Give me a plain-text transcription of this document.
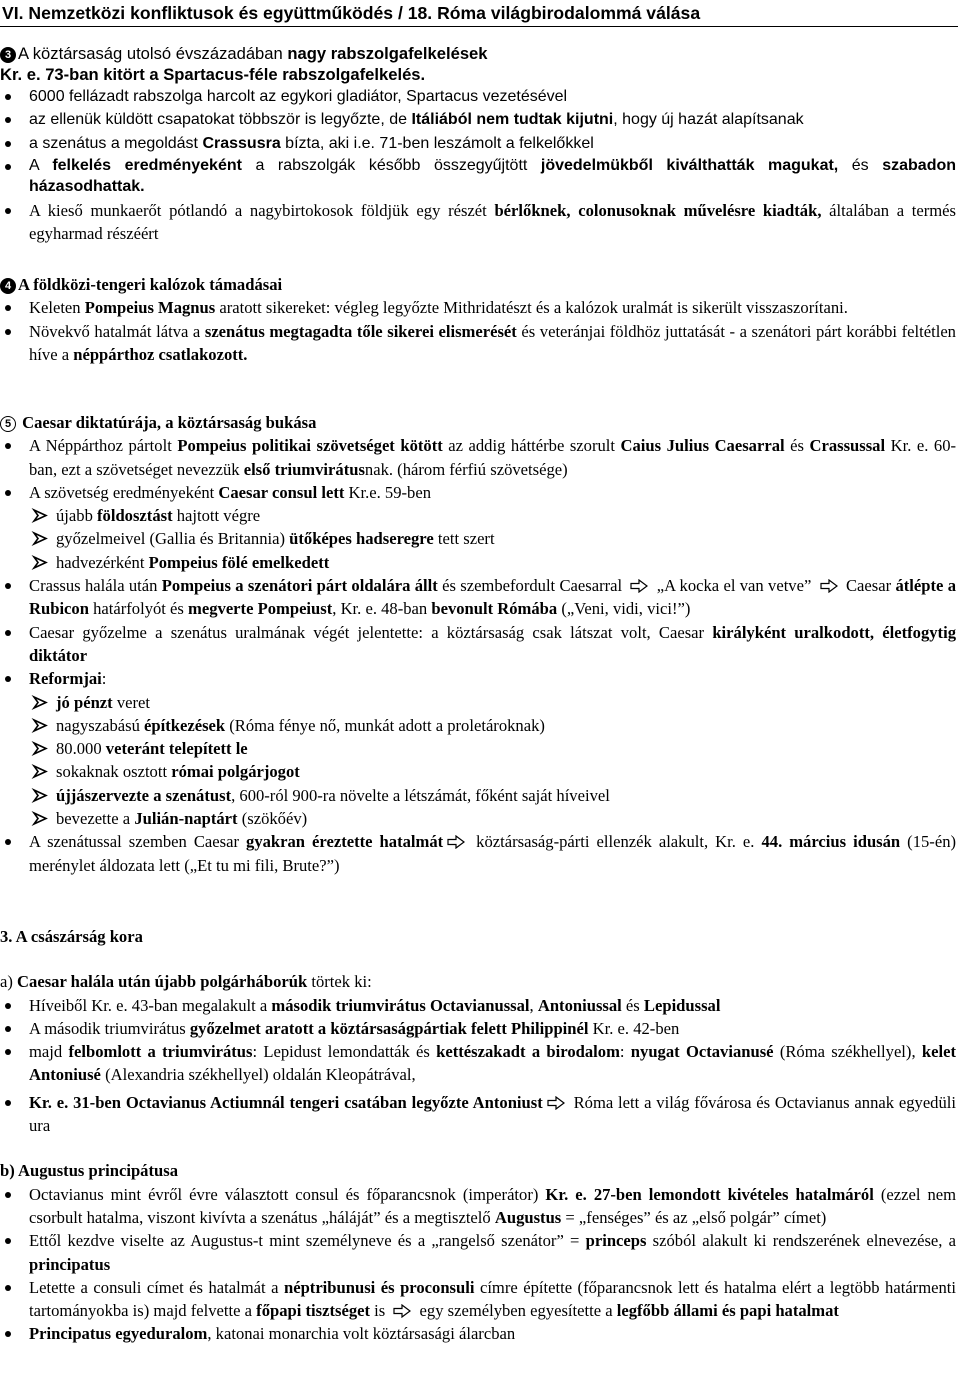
VI. Nemzetközi konfliktusok és együttműködés / 18. Róma világbirodalommá válása

3 A köztársaság utolsó évszázadában nagy rabszolgafelkelések

Kr. e. 73-ban kitört a Spartacus-féle rabszolgafelkelés.

6000 fellázadt rabszolga harcolt az egykori gladiátor, Spartacus vezetésével

az ellenük küldött csapatokat többször is legyőzte, de Itáliából nem tudtak kijutni, hogy új hazát alapítsanak

a szenátus a megoldást Crassusra bízta, aki i.e. 71-ben leszámolt a felkelőkkel

A felkelés eredményeként a rabszolgák később összegyűjtött jövedelmükből kiválthatták magukat, és szabadon házasodhattak.

A kieső munkaerőt pótlandó a nagybirtokosok földjük egy részét bérlőknek, colonusoknak művelésre kiadták, általában a termés egyharmad részéért

4 A földközi-tengeri kalózok támadásai

Keleten Pompeius Magnus aratott sikereket: végleg legyőzte Mithridatészt és a kalózok uralmát is sikerült visszaszorítani.

Növekvő hatalmát látva a szenátus megtagadta tőle sikerei elismerését és veteránjai földhöz juttatását - a szenátori párt korábbi feltétlen híve a néppárthoz csatlakozott.

5 Caesar diktatúrája, a köztársaság bukása

A Néppárthoz pártolt Pompeius politikai szövetséget kötött az addig háttérbe szorult Caius Julius Caesarral és Crassussal Kr. e. 60-ban, ezt a szövetséget nevezzük első triumvirátusnak. (három férfiú szövetsége)

A szövetség eredményeként Caesar consul lett Kr.e. 59-ben

újabb földosztást hajtott végre

győzelmeivel (Gallia és Britannia) ütőképes hadseregre tett szert

hadvezérként Pompeius fölé emelkedett

Crassus halála után Pompeius a szenátori párt oldalára állt és szembefordult Caesarral  „A kocka el van vetve”  Caesar átlépte a Rubicon határfolyót és megverte Pompeiust, Kr. e. 48-ban bevonult Rómába („Veni, vidi, vici!”)

Caesar győzelme a szenátus uralmának végét jelentette: a köztársaság csak látszat volt, Caesar királyként uralkodott, életfogytig diktátor

Reformjai:

jó pénzt veret

nagyszabású építkezések (Róma fénye nő, munkát adott a proletároknak)

80.000 veteránt telepített le

sokaknak osztott római polgárjogot

újjászervezte a szenátust, 600-ról 900-ra növelte a létszámát, főként saját híveivel

bevezette a Julián-naptárt (szökőév)

A szenátussal szemben Caesar gyakran éreztette hatalmát köztársaság-párti ellenzék alakult, Kr. e. 44. március idusán (15-én) merénylet áldozata lett („Et tu mi fili, Brute?”)

3. A császárság kora

a) Caesar halála után újabb polgárháborúk törtek ki:

Híveiből Kr. e. 43-ban megalakult a második triumvirátus Octavianussal, Antoniussal és Lepidussal

A második triumvirátus győzelmet aratott a köztársaságpártiak felett Philippinél Kr. e. 42-ben

majd felbomlott a triumvirátus: Lepidust lemondatták és kettészakadt a birodalom: nyugat Octavianusé (Róma székhellyel), kelet Antoniusé (Alexandria székhellyel) oldalán Kleopátrával,

Kr. e. 31-ben Octavianus Actiumnál tengeri csatában legyőzte Antoniust Róma lett a világ fővárosa és Octavianus annak egyedüli ura

b) Augustus principátusa

Octavianus mint évről évre választott consul és főparancsnok (imperátor) Kr. e. 27-ben lemondott kivételes hatalmáról (ezzel nem csorbult hatalma, viszont kivívta a szenátus „háláját” és a megtisztelő Augustus = „fenséges” és az „első polgár” címet)

Ettől kezdve viselte az Augustus-t mint személyneve és a „rangelső szenátor” = princeps szóból alakult ki rendszerének elnevezése, a principatus

Letette a consuli címet és hatalmát a néptribunusi és proconsuli címre építette (főparancsnok lett és hatalma elért a legtöbb határmenti tartományokba is) majd felvette a főpapi tisztséget is  egy személyben egyesítette a legfőbb állami és papi hatalmat

Principatus egyeduralom, katonai monarchia volt köztársasági álarcban
